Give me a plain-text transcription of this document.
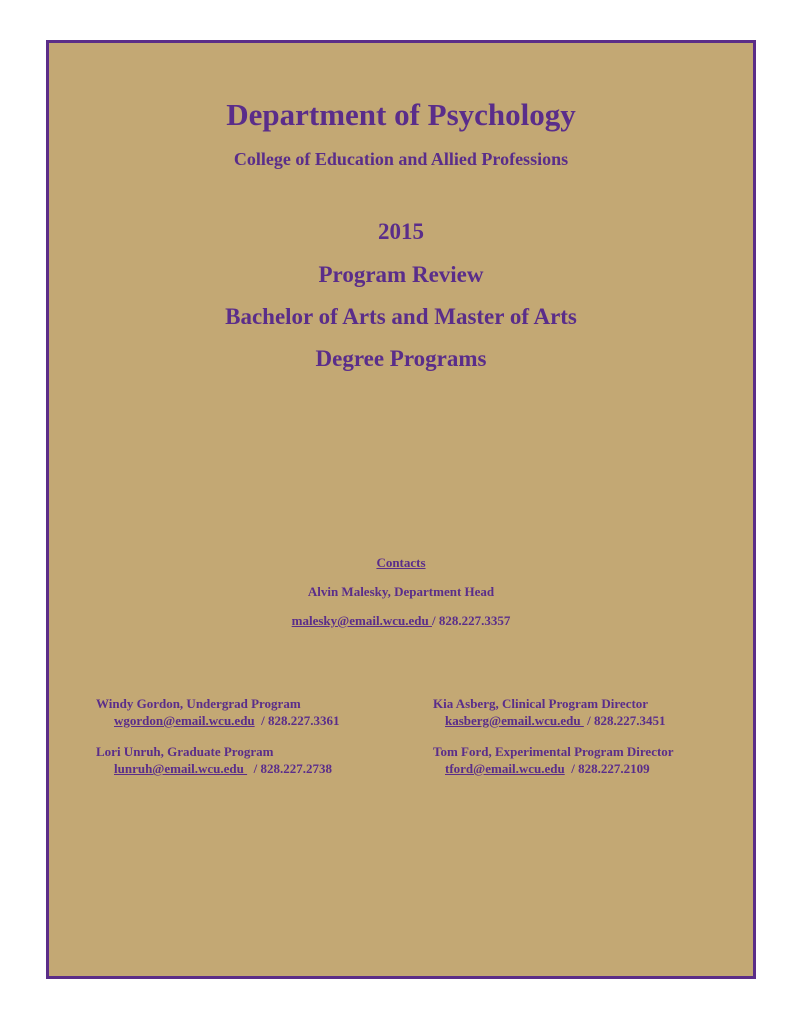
Department of Psychology
College of Education and Allied Professions
2015
Program Review
Bachelor of Arts and Master of Arts
Degree Programs
Contacts
Alvin Malesky, Department Head
malesky@email.wcu.edu / 828.227.3357
Windy Gordon, Undergrad Program
wgordon@email.wcu.edu  / 828.227.3361
Kia Asberg, Clinical Program Director
kasberg@email.wcu.edu  / 828.227.3451
Lori Unruh, Graduate Program
lunruh@email.wcu.edu   / 828.227.2738
Tom Ford, Experimental Program Director
tford@email.wcu.edu  / 828.227.2109
